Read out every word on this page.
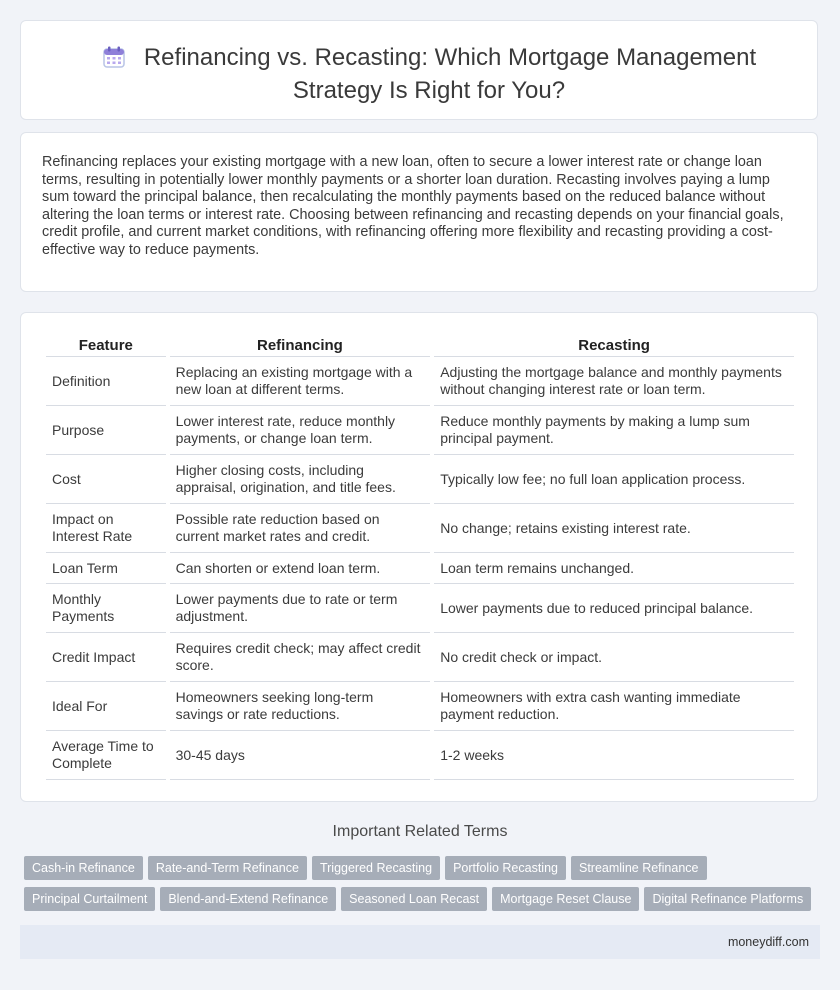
Refinancing vs. Recasting: Which Mortgage Management Strategy Is Right for You?
Refinancing replaces your existing mortgage with a new loan, often to secure a lower interest rate or change loan terms, resulting in potentially lower monthly payments or a shorter loan duration. Recasting involves paying a lump sum toward the principal balance, then recalculating the monthly payments based on the reduced balance without altering the loan terms or interest rate. Choosing between refinancing and recasting depends on your financial goals, credit profile, and current market conditions, with refinancing offering more flexibility and recasting providing a cost-effective way to reduce payments.
Feature	Refinancing	Recasting
Definition	Replacing an existing mortgage with a new loan at different terms.	Adjusting the mortgage balance and monthly payments without changing interest rate or loan term.
Purpose	Lower interest rate, reduce monthly payments, or change loan term.	Reduce monthly payments by making a lump sum principal payment.
Cost	Higher closing costs, including appraisal, origination, and title fees.	Typically low fee; no full loan application process.
Impact on Interest Rate	Possible rate reduction based on current market rates and credit.	No change; retains existing interest rate.
Loan Term	Can shorten or extend loan term.	Loan term remains unchanged.
Monthly Payments	Lower payments due to rate or term adjustment.	Lower payments due to reduced principal balance.
Credit Impact	Requires credit check; may affect credit score.	No credit check or impact.
Ideal For	Homeowners seeking long-term savings or rate reductions.	Homeowners with extra cash wanting immediate payment reduction.
Average Time to Complete	30-45 days	1-2 weeks
Important Related Terms
Cash-in Refinance Rate-and-Term Refinance Triggered Recasting Portfolio Recasting Streamline RefinancePrincipal Curtailment Blend-and-Extend Refinance Seasoned Loan Recast Mortgage Reset Clause Digital Refinance Platforms
moneydiff.com
